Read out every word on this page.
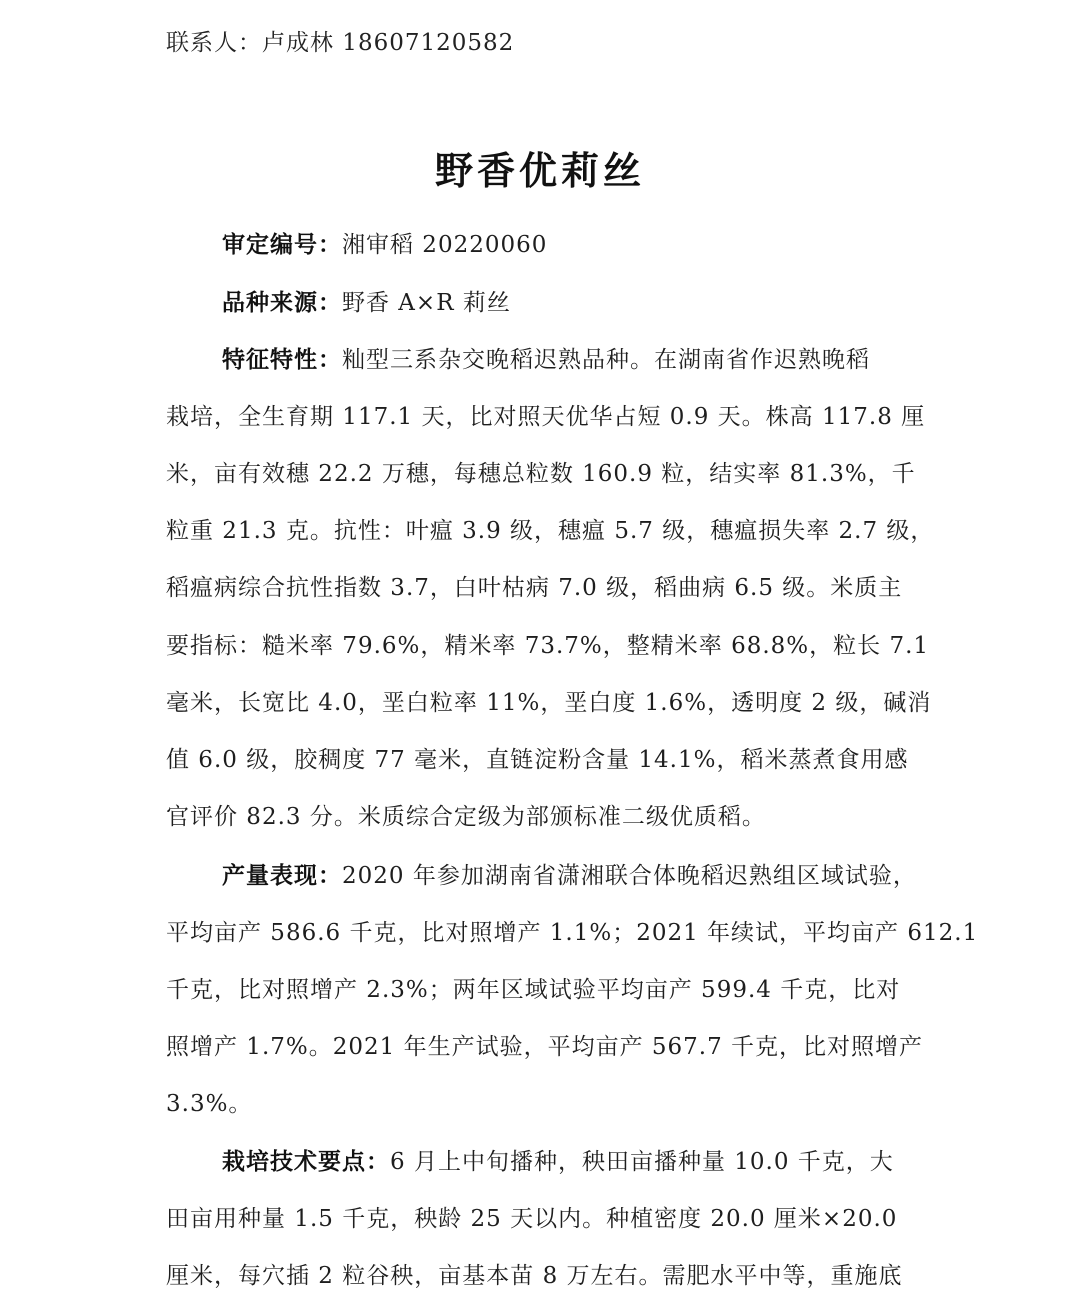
联系人：卢成林 18607120582
野香优莉丝
审定编号：湘审稻 20220060
品种来源：野香 A×R 莉丝
特征特性：籼型三系杂交晚稻迟熟品种。在湖南省作迟熟晚稻
栽培，全生育期 117.1 天，比对照天优华占短 0.9 天。株高 117.8 厘
米，亩有效穗 22.2 万穗，每穗总粒数 160.9 粒，结实率 81.3%，千
粒重 21.3 克。抗性：叶瘟 3.9 级，穗瘟 5.7 级，穗瘟损失率 2.7 级，
稻瘟病综合抗性指数 3.7，白叶枯病 7.0 级，稻曲病 6.5 级。米质主
要指标：糙米率 79.6%，精米率 73.7%，整精米率 68.8%，粒长 7.1
毫米，长宽比 4.0，垩白粒率 11%，垩白度 1.6%，透明度 2 级，碱消
值 6.0 级，胶稠度 77 毫米，直链淀粉含量 14.1%，稻米蒸煮食用感
官评价 82.3 分。米质综合定级为部颁标准二级优质稻。
产量表现：2020 年参加湖南省潇湘联合体晚稻迟熟组区域试验，
平均亩产 586.6 千克，比对照增产 1.1%；2021 年续试，平均亩产 612.1
千克，比对照增产 2.3%；两年区域试验平均亩产 599.4 千克，比对
照增产 1.7%。2021 年生产试验，平均亩产 567.7 千克，比对照增产
3.3%。
栽培技术要点：6 月上中旬播种，秧田亩播种量 10.0 千克，大
田亩用种量 1.5 千克，秧龄 25 天以内。种植密度 20.0 厘米×20.0
厘米，每穴插 2 粒谷秧，亩基本苗 8 万左右。需肥水平中等，重施底
